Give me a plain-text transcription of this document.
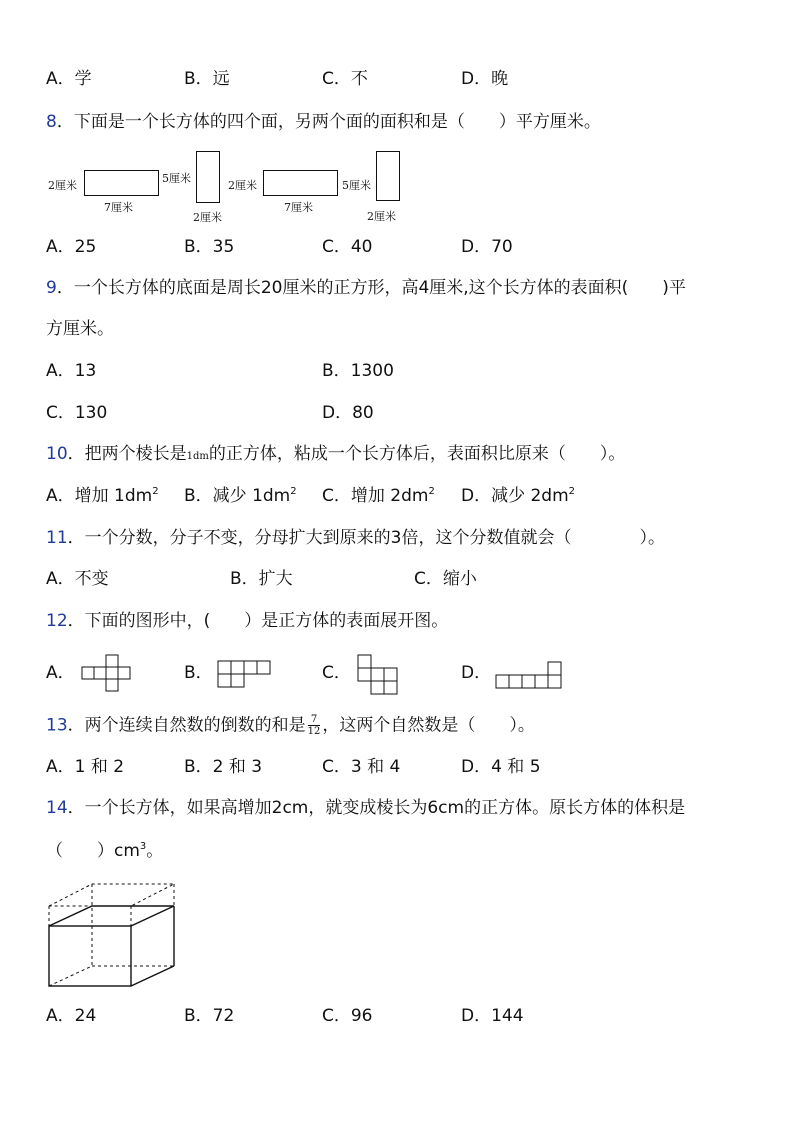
A．学	B．远	C．不	D．晚
8．下面是一个长方体的四个面，另两个面的面积和是（　　）平方厘米。
2厘米
7厘米
5厘米
2厘米
2厘米
7厘米
5厘米
2厘米
A．25	B．35	C．40	D．70
9．一个长方体的底面是周长20厘米的正方形，高4厘米,这个长方体的表面积(　　)平
方厘米。
A．13	B．1300
C．130	D．80
10．把两个棱长是1dm的正方体，粘成一个长方体后，表面积比原来（　　）。
A．增加 $1dm^2$ B．减少 $1dm^2$ C．增加 $2dm^2$ D．减少 $2dm^2$
11．一个分数，分子不变，分母扩大到原来的3倍，这个分数值就会（　　　　）。
A．不变	B．扩大	C．缩小
12．下面的图形中，(　　）是正方体的表面展开图。
A．	B．	C．	D．
13．两个连续自然数的倒数的和是 $\frac{7}{12}$ ，这两个自然数是（　　）。
A．1 和 2	B．2 和 3	C．3 和 4	D．4 和 5
14．一个长方体，如果高增加2cm，就变成棱长为6cm的正方体。原长方体的体积是
（　　）$cm^3$。
A．24	B．72	C．96	D．144
